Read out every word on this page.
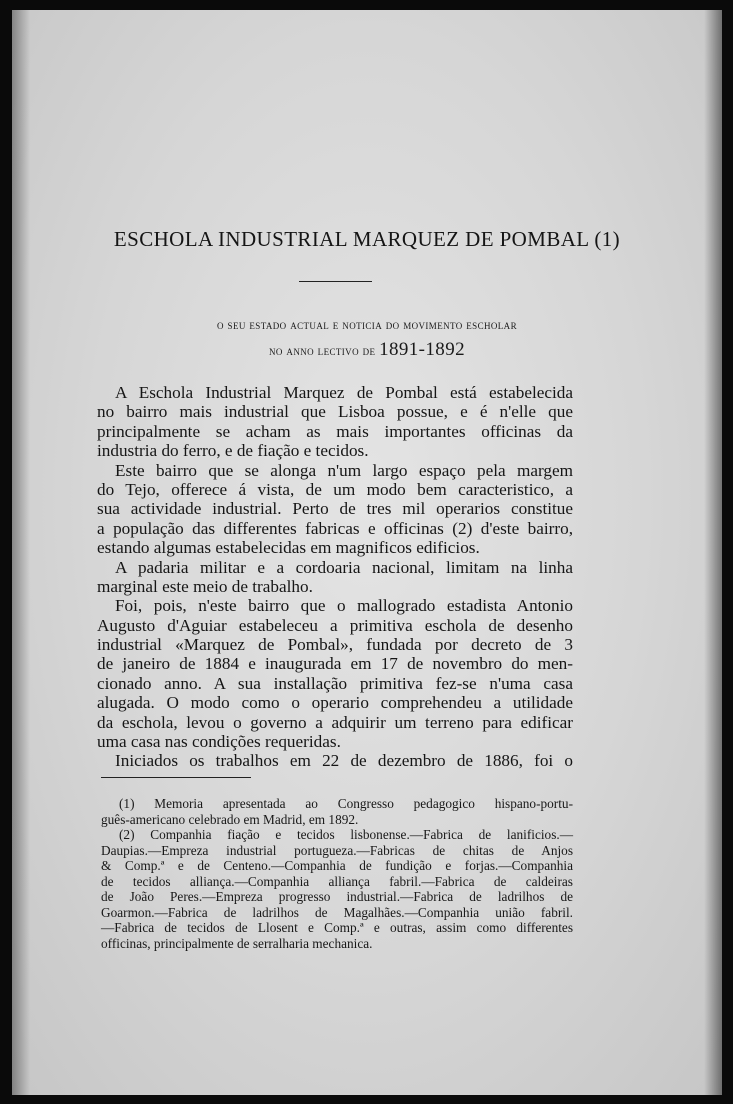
ESCHOLA INDUSTRIAL MARQUEZ DE POMBAL (1)
o seu estado actual e noticia do movimento escholar
no anno lectivo de 1891-1892
A Eschola Industrial Marquez de Pombal está estabelecida
no bairro mais industrial que Lisboa possue, e é n'elle que
principalmente se acham as mais importantes officinas da
industria do ferro, e de fiação e tecidos.
Este bairro que se alonga n'um largo espaço pela margem
do Tejo, offerece á vista, de um modo bem caracteristico, a
sua actividade industrial. Perto de tres mil operarios constitue
a população das differentes fabricas e officinas (2) d'este bairro,
estando algumas estabelecidas em magnificos edificios.
A padaria militar e a cordoaria nacional, limitam na linha
marginal este meio de trabalho.
Foi, pois, n'este bairro que o mallogrado estadista Antonio
Augusto d'Aguiar estabeleceu a primitiva eschola de desenho
industrial «Marquez de Pombal», fundada por decreto de 3
de janeiro de 1884 e inaugurada em 17 de novembro do men-
cionado anno. A sua installação primitiva fez-se n'uma casa
alugada. O modo como o operario comprehendeu a utilidade
da eschola, levou o governo a adquirir um terreno para edificar
uma casa nas condições requeridas.
Iniciados os trabalhos em 22 de dezembro de 1886, foi o
(1) Memoria apresentada ao Congresso pedagogico hispano-portu-
guês-americano celebrado em Madrid, em 1892.
(2) Companhia fiação e tecidos lisbonense.—Fabrica de lanificios.—
Daupias.—Empreza industrial portugueza.—Fabricas de chitas de Anjos
& Comp.ª e de Centeno.—Companhia de fundição e forjas.—Companhia
de tecidos alliança.—Companhia alliança fabril.—Fabrica de caldeiras
de João Peres.—Empreza progresso industrial.—Fabrica de ladrilhos de
Goarmon.—Fabrica de ladrilhos de Magalhães.—Companhia união fabril.
—Fabrica de tecidos de Llosent e Comp.ª e outras, assim como differentes
officinas, principalmente de serralharia mechanica.
